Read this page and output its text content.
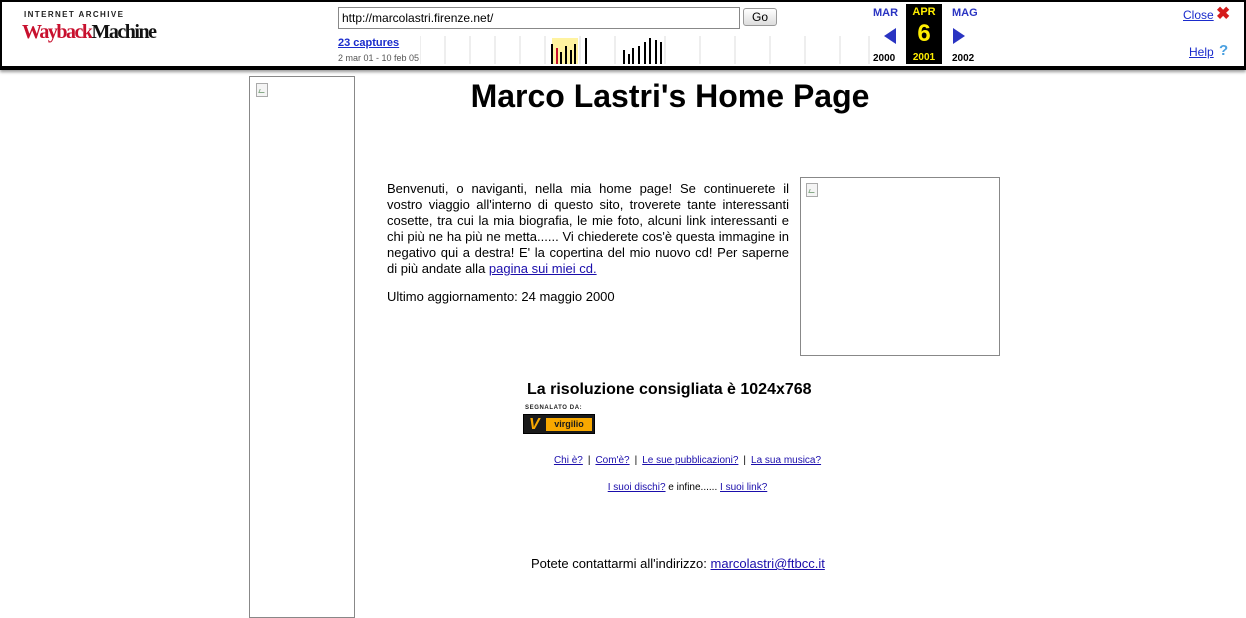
INTERNET ARCHIVE
WaybackMachine
http://marcolastri.firenze.net/
Go
23 captures
2 mar 01 - 10 feb 05
MAR
2000
APR
6
2001
MAG
2002
Close ✖
Help ?
Marco Lastri's Home Page

Benvenuti, o naviganti, nella mia home page! Se continuerete il vostro viaggio all'interno di questo sito, troverete tante interessanti cosette, tra cui la mia biografia, le mie foto, alcuni link interessanti e chi più ne ha più ne metta...... Vi chiederete cos'è questa immagine in negativo qui a destra! E' la copertina del mio nuovo cd! Per saperne di più andate alla pagina sui miei cd.

Ultimo aggiornamento: 24 maggio 2000

La risoluzione consigliata è 1024x768

SEGNALATO DA:
V	virgilio
Chi è? | Com'è? | Le sue pubblicazioni? | La sua musica?
I suoi dischi? e infine...... I suoi link?

Potete contattarmi all'indirizzo: marcolastri@ftbcc.it
